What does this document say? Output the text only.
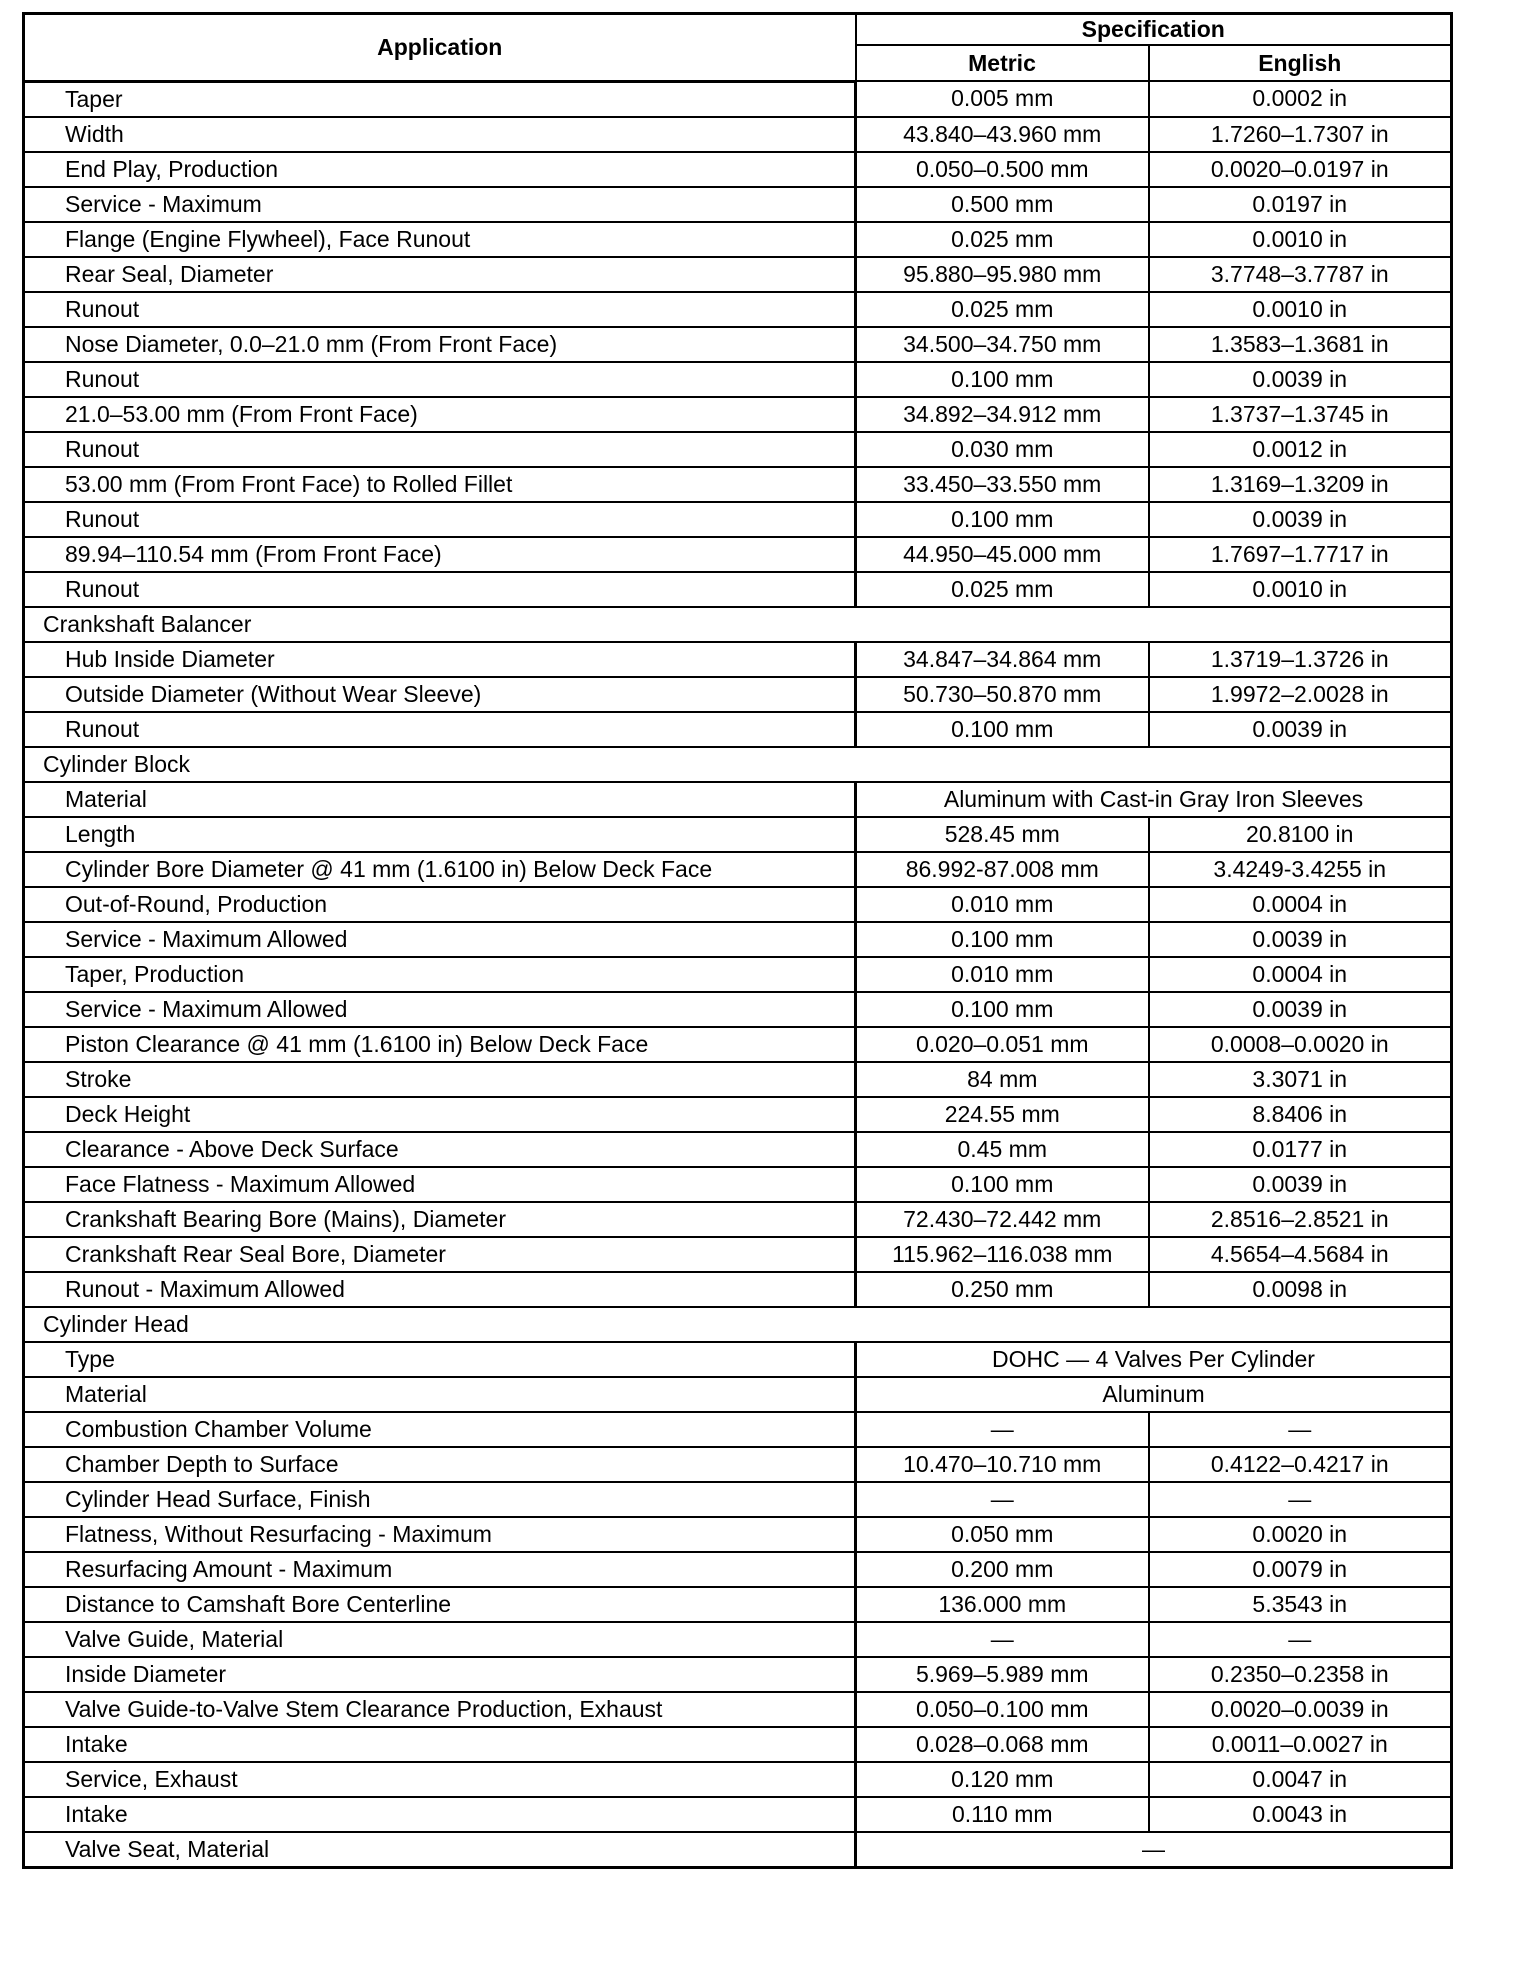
Application	Specification	
	Metric	English
Taper	0.005 mm	0.0002 in
Width	43.840–43.960 mm	1.7260–1.7307 in
End Play, Production	0.050–0.500 mm	0.0020–0.0197 in
Service - Maximum	0.500 mm	0.0197 in
Flange (Engine Flywheel), Face Runout	0.025 mm	0.0010 in
Rear Seal, Diameter	95.880–95.980 mm	3.7748–3.7787 in
Runout	0.025 mm	0.0010 in
Nose Diameter, 0.0–21.0 mm (From Front Face)	34.500–34.750 mm	1.3583–1.3681 in
Runout	0.100 mm	0.0039 in
21.0–53.00 mm (From Front Face)	34.892–34.912 mm	1.3737–1.3745 in
Runout	0.030 mm	0.0012 in
53.00 mm (From Front Face) to Rolled Fillet	33.450–33.550 mm	1.3169–1.3209 in
Runout	0.100 mm	0.0039 in
89.94–110.54 mm (From Front Face)	44.950–45.000 mm	1.7697–1.7717 in
Runout	0.025 mm	0.0010 in
Crankshaft Balancer		
Hub Inside Diameter	34.847–34.864 mm	1.3719–1.3726 in
Outside Diameter (Without Wear Sleeve)	50.730–50.870 mm	1.9972–2.0028 in
Runout	0.100 mm	0.0039 in
Cylinder Block		
Material	Aluminum with Cast-in Gray Iron Sleeves	
Length	528.45 mm	20.8100 in
Cylinder Bore Diameter @ 41 mm (1.6100 in) Below Deck Face	86.992-87.008 mm	3.4249-3.4255 in
Out-of-Round, Production	0.010 mm	0.0004 in
Service - Maximum Allowed	0.100 mm	0.0039 in
Taper, Production	0.010 mm	0.0004 in
Service - Maximum Allowed	0.100 mm	0.0039 in
Piston Clearance @ 41 mm (1.6100 in) Below Deck Face	0.020–0.051 mm	0.0008–0.0020 in
Stroke	84 mm	3.3071 in
Deck Height	224.55 mm	8.8406 in
Clearance - Above Deck Surface	0.45 mm	0.0177 in
Face Flatness - Maximum Allowed	0.100 mm	0.0039 in
Crankshaft Bearing Bore (Mains), Diameter	72.430–72.442 mm	2.8516–2.8521 in
Crankshaft Rear Seal Bore, Diameter	115.962–116.038 mm	4.5654–4.5684 in
Runout - Maximum Allowed	0.250 mm	0.0098 in
Cylinder Head		
Type	DOHC — 4 Valves Per Cylinder	
Material	Aluminum	
Combustion Chamber Volume	—	—
Chamber Depth to Surface	10.470–10.710 mm	0.4122–0.4217 in
Cylinder Head Surface, Finish	—	—
Flatness, Without Resurfacing - Maximum	0.050 mm	0.0020 in
Resurfacing Amount - Maximum	0.200 mm	0.0079 in
Distance to Camshaft Bore Centerline	136.000 mm	5.3543 in
Valve Guide, Material	—	—
Inside Diameter	5.969–5.989 mm	0.2350–0.2358 in
Valve Guide-to-Valve Stem Clearance Production, Exhaust	0.050–0.100 mm	0.0020–0.0039 in
Intake	0.028–0.068 mm	0.0011–0.0027 in
Service, Exhaust	0.120 mm	0.0047 in
Intake	0.110 mm	0.0043 in
Valve Seat, Material	—	
